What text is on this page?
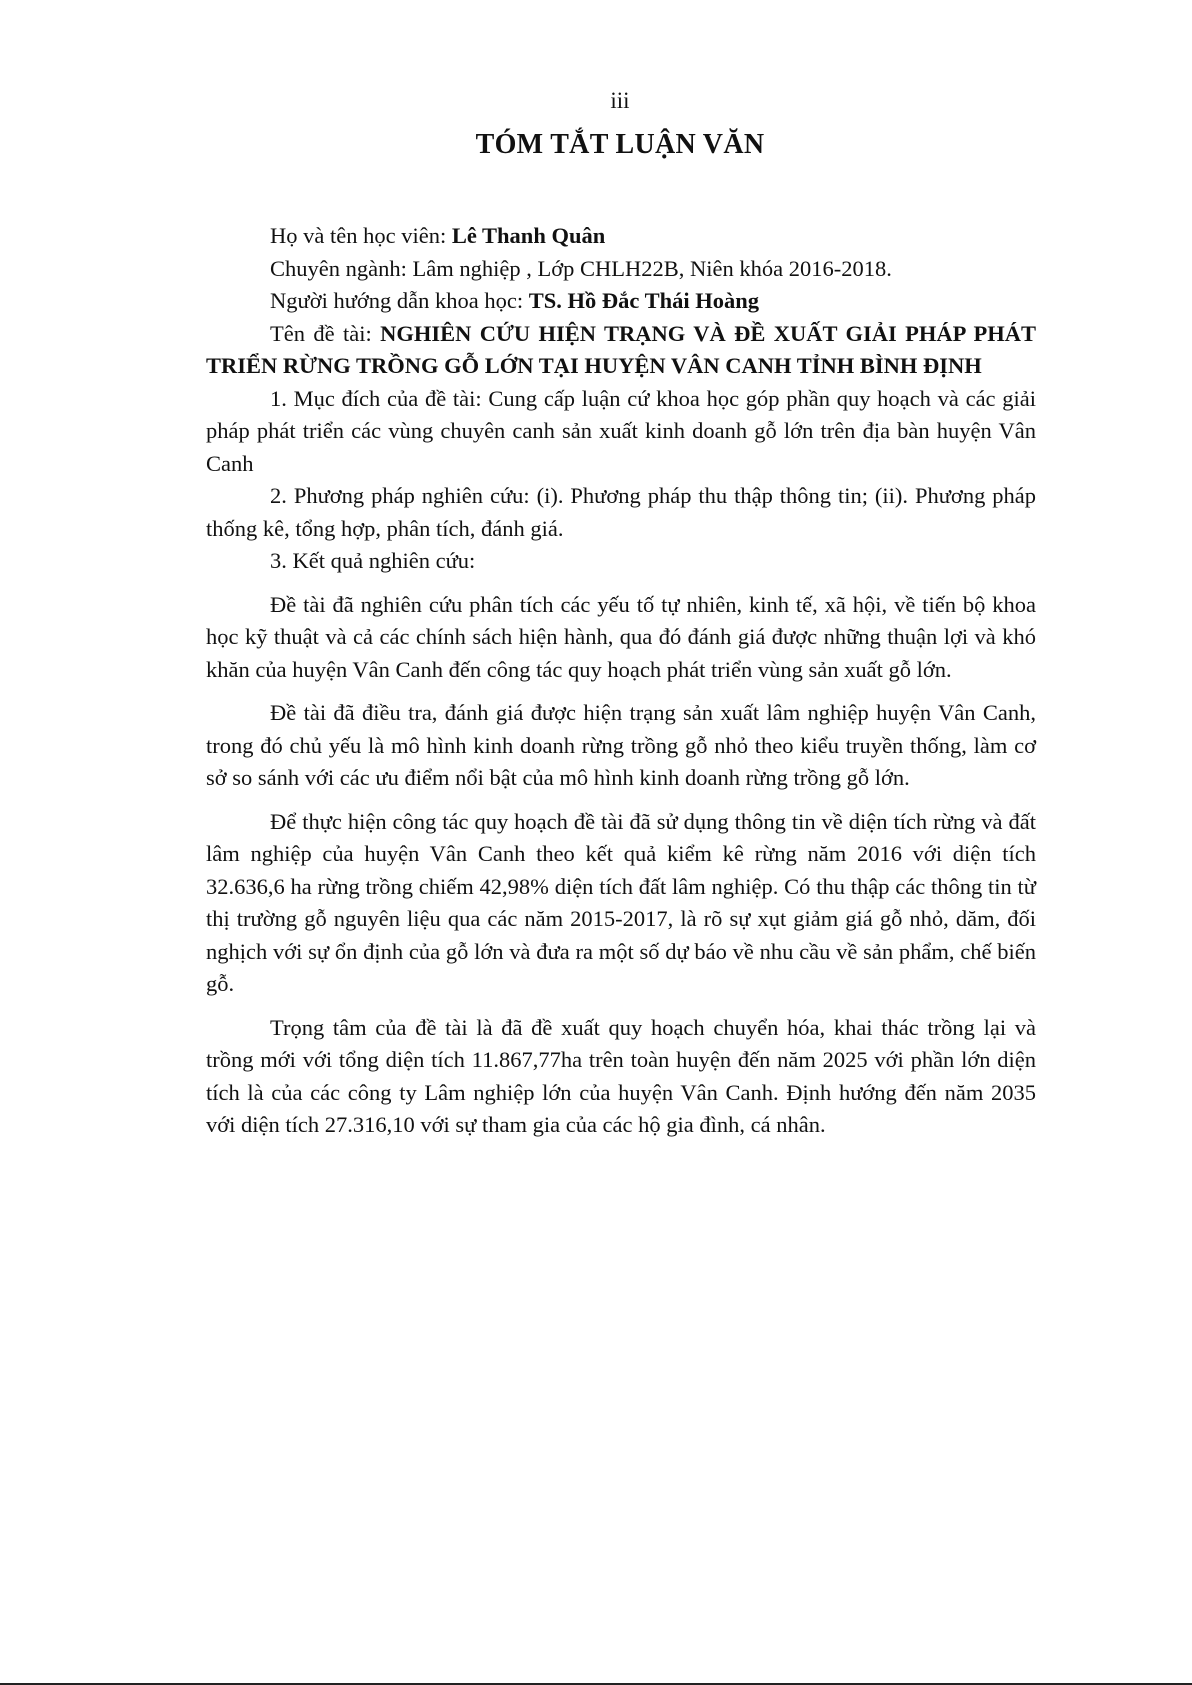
iii
TÓM TẮT LUẬN VĂN

Họ và tên học viên: Lê Thanh Quân

Chuyên ngành: Lâm nghiệp , Lớp CHLH22B, Niên khóa 2016-2018.

Người hướng dẫn khoa học: TS. Hồ Đắc Thái Hoàng

Tên đề tài: NGHIÊN CỨU HIỆN TRẠNG VÀ ĐỀ XUẤT GIẢI PHÁP PHÁT TRIỂN RỪNG TRỒNG GỖ LỚN TẠI HUYỆN VÂN CANH TỈNH BÌNH ĐỊNH

1. Mục đích của đề tài: Cung cấp luận cứ khoa học góp phần quy hoạch và các giải pháp phát triển các vùng chuyên canh sản xuất kinh doanh gỗ lớn trên địa bàn huyện Vân Canh

2. Phương pháp nghiên cứu: (i). Phương pháp thu thập thông tin; (ii). Phương pháp thống kê, tổng hợp, phân tích, đánh giá.

3. Kết quả nghiên cứu:

Đề tài đã nghiên cứu phân tích các yếu tố tự nhiên, kinh tế, xã hội, về tiến bộ khoa học kỹ thuật và cả các chính sách hiện hành, qua đó đánh giá được những thuận lợi và khó khăn của huyện Vân Canh đến công tác quy hoạch phát triển vùng sản xuất gỗ lớn.

Đề tài đã điều tra, đánh giá được hiện trạng sản xuất lâm nghiệp huyện Vân Canh, trong đó chủ yếu là mô hình kinh doanh rừng trồng gỗ nhỏ theo kiểu truyền thống, làm cơ sở so sánh với các ưu điểm nổi bật của mô hình kinh doanh rừng trồng gỗ lớn.

Để thực hiện công tác quy hoạch đề tài đã sử dụng thông tin về diện tích rừng và đất lâm nghiệp của huyện Vân Canh theo kết quả kiểm kê rừng năm 2016 với diện tích 32.636,6 ha rừng trồng chiếm 42,98% diện tích đất lâm nghiệp. Có thu thập các thông tin từ thị trường gỗ nguyên liệu qua các năm 2015-2017, là rõ sự xụt giảm giá gỗ nhỏ, dăm, đối nghịch với sự ổn định của gỗ lớn và đưa ra một số dự báo về nhu cầu về sản phẩm, chế biến gỗ.

Trọng tâm của đề tài là đã đề xuất quy hoạch chuyển hóa, khai thác trồng lại và trồng mới với tổng diện tích 11.867,77ha trên toàn huyện đến năm 2025 với phần lớn diện tích là của các công ty Lâm nghiệp lớn của huyện Vân Canh. Định hướng đến năm 2035 với diện tích 27.316,10 với sự tham gia của các hộ gia đình, cá nhân.
